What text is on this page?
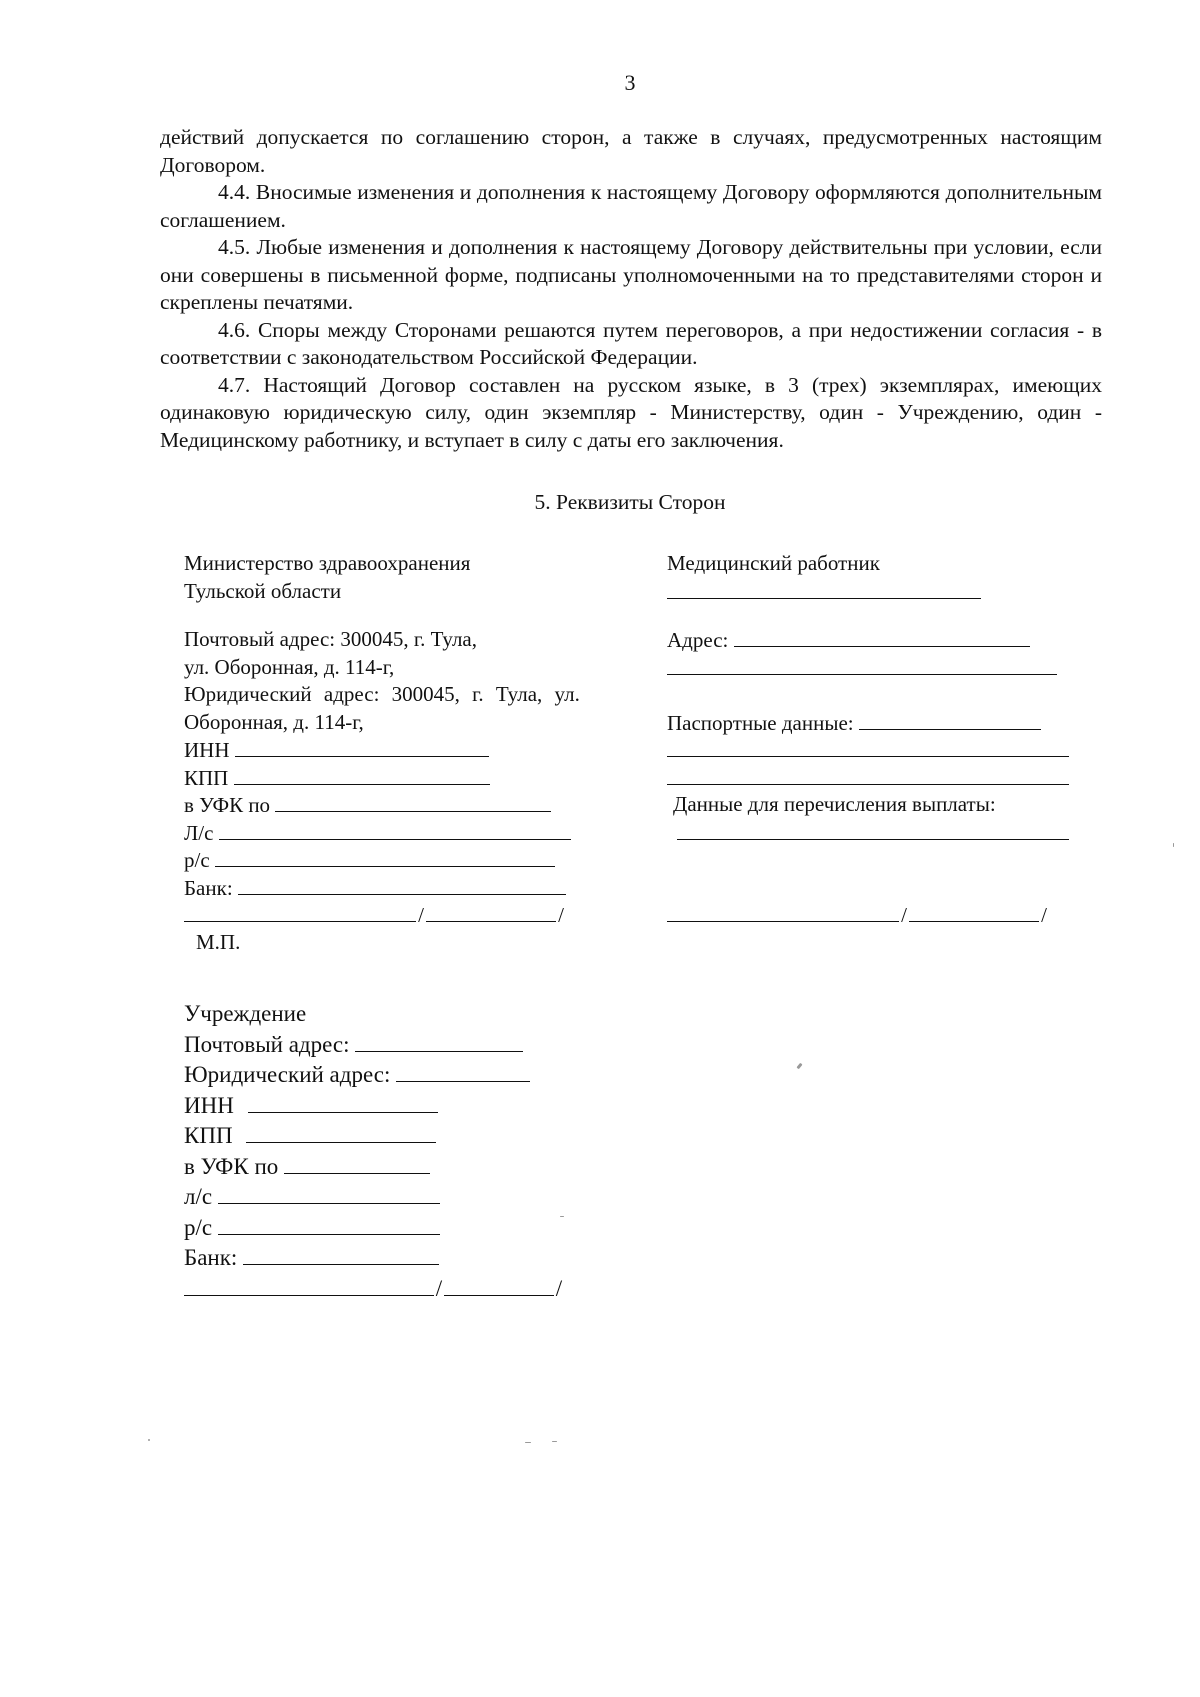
3

действий допускается по соглашению сторон, а также в случаях, предусмотренных настоящим Договором.

4.4. Вносимые изменения и дополнения к настоящему Договору оформляются дополнительным соглашением.

4.5. Любые изменения и дополнения к настоящему Договору действительны при условии, если они совершены в письменной форме, подписаны уполномоченными на то представителями сторон и скреплены печатями.

4.6. Споры между Сторонами решаются путем переговоров, а при недостижении согласия - в соответствии с законодательством Российской Федерации.

4.7. Настоящий Договор составлен на русском языке, в 3 (трех) экземплярах, имеющих одинаковую юридическую силу, один экземпляр - Министерству, один - Учреждению, один - Медицинскому работнику, и вступает в силу с даты его заключения.

5. Реквизиты Сторон
Министерство здравоохранения
Тульской области
Почтовый адрес: 300045, г. Тула,
ул. Оборонная, д. 114-г,
Юридический адрес: 300045, г. Тула, ул.
Оборонная, д. 114-г,
ИНН
КПП
в УФК по
Л/с
р/с
Банк:
/	/
М.П.
Медицинский работник
Адрес:
Паспортные данные:
Данные для перечисления выплаты:
/	/
Учреждение
Почтовый адрес:
Юридический адрес:
ИНН
КПП
в УФК по
л/с
р/с
Банк:
/	/
